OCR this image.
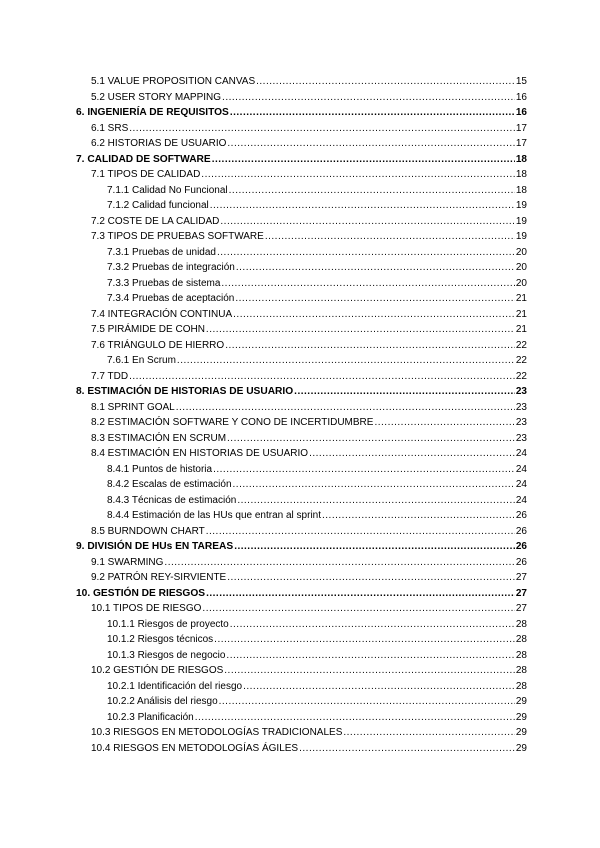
5.1 VALUE PROPOSITION CANVAS .....	15
5.2 USER STORY MAPPING .....	16
6. INGENIERÍA DE REQUISITOS .....	16
6.1 SRS .....	17
6.2 HISTORIAS DE USUARIO .....	17
7. CALIDAD DE SOFTWARE .....	18
7.1 TIPOS DE CALIDAD .....	18
7.1.1 Calidad No Funcional .....	18
7.1.2 Calidad funcional .....	19
7.2 COSTE DE LA CALIDAD .....	19
7.3 TIPOS DE PRUEBAS SOFTWARE .....	19
7.3.1 Pruebas de unidad .....	20
7.3.2 Pruebas de integración .....	20
7.3.3 Pruebas de sistema .....	20
7.3.4 Pruebas de aceptación .....	21
7.4 INTEGRACIÓN CONTINUA .....	21
7.5 PIRÁMIDE DE COHN .....	21
7.6 TRIÁNGULO DE HIERRO .....	22
7.6.1 En Scrum .....	22
7.7 TDD .....	22
8. ESTIMACIÓN DE HISTORIAS DE USUARIO .....	23
8.1 SPRINT GOAL .....	23
8.2 ESTIMACIÓN SOFTWARE Y CONO DE INCERTIDUMBRE .....	23
8.3 ESTIMACIÓN EN SCRUM .....	23
8.4 ESTIMACIÓN EN HISTORIAS DE USUARIO .....	24
8.4.1 Puntos de historia .....	24
8.4.2 Escalas de estimación .....	24
8.4.3 Técnicas de estimación .....	24
8.4.4 Estimación de las HUs que entran al sprint .....	26
8.5 BURNDOWN CHART .....	26
9. DIVISIÓN DE HUs EN TAREAS .....	26
9.1 SWARMING .....	26
9.2 PATRÓN REY-SIRVIENTE .....	27
10. GESTIÓN DE RIESGOS .....	27
10.1 TIPOS DE RIESGO .....	27
10.1.1 Riesgos de proyecto .....	28
10.1.2 Riesgos técnicos .....	28
10.1.3 Riesgos de negocio .....	28
10.2 GESTIÓN DE RIESGOS .....	28
10.2.1 Identificación del riesgo .....	28
10.2.2 Análisis del riesgo .....	29
10.2.3 Planificación .....	29
10.3 RIESGOS EN METODOLOGÍAS TRADICIONALES .....	29
10.4 RIESGOS EN METODOLOGÍAS ÁGILES .....	29
